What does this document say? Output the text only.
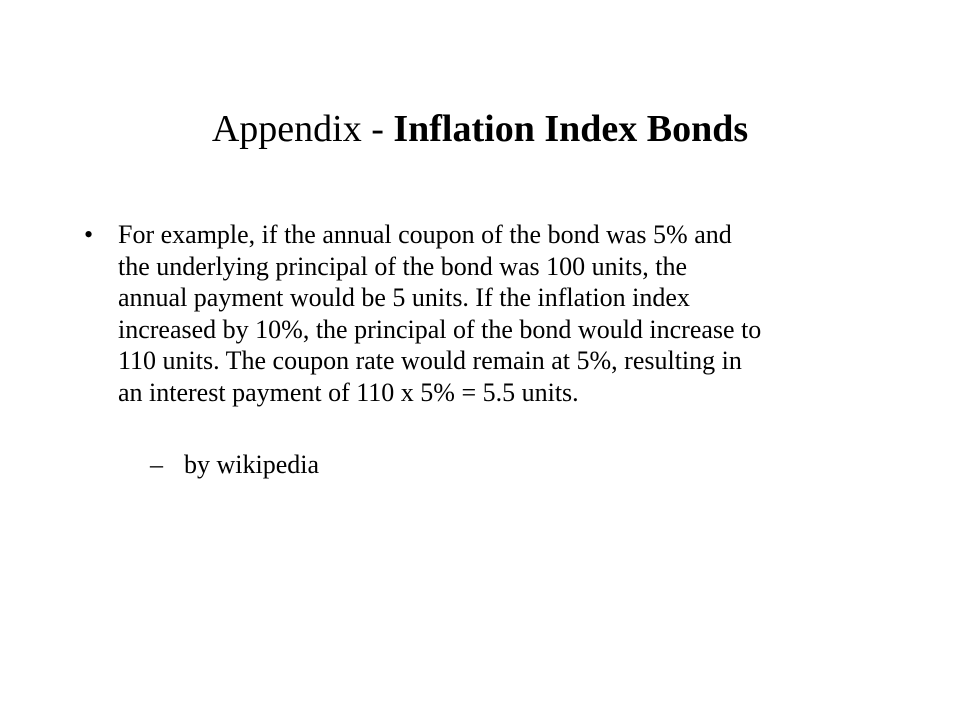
Appendix - Inflation Index Bonds
• For example, if the annual coupon of the bond was 5% and
the underlying principal of the bond was 100 units, the
annual payment would be 5 units. If the inflation index
increased by 10%, the principal of the bond would increase to
110 units. The coupon rate would remain at 5%, resulting in
an interest payment of 110 x 5% = 5.5 units.
– by wikipedia
